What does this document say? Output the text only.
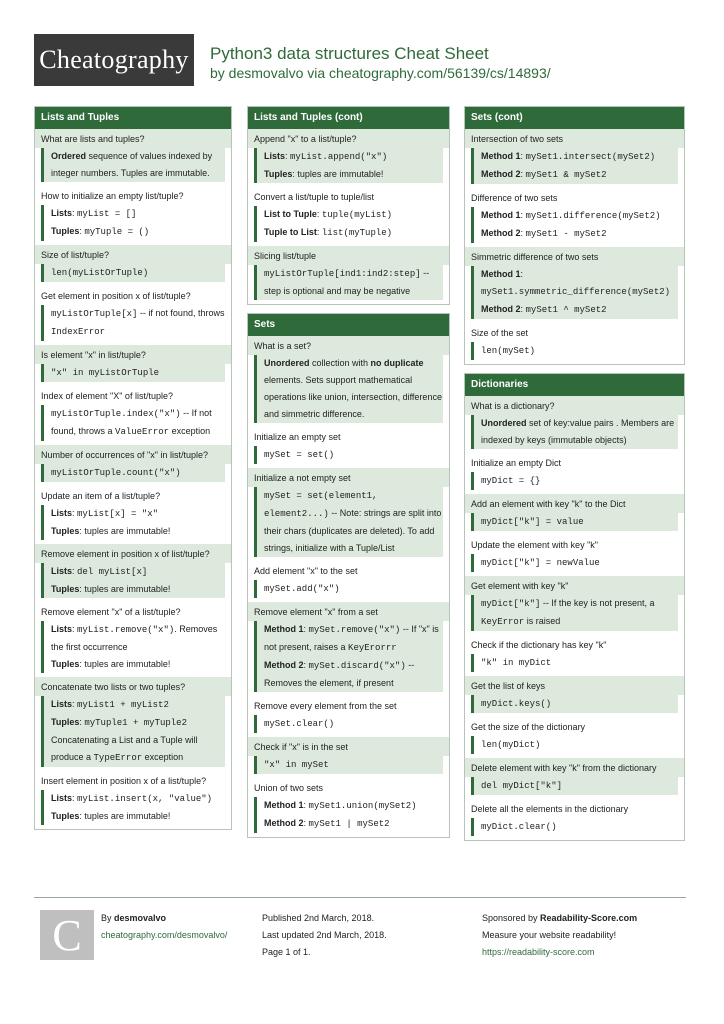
Cheatography	Python3 data structures Cheat Sheet
by desmovalvo via cheatography.com/56139/cs/14893/
Lists and Tuples
What are lists and tuples?
Ordered sequence of values indexed by integer numbers. Tuples are immutable.
How to initialize an empty list/tuple?
Lists: myList = []
Tuples: myTuple = ()
Size of list/tuple?
len(myListOrTuple)
Get element in position x of list/tuple?
myListOrTuple[x] -- if not found, throws IndexError
Is element "x" in list/tuple?
"x" in myListOrTuple
Index of element "X" of list/tuple?
myListOrTuple.index("x") -- If not found, throws a ValueError exception
Number of occurrences of "x" in list/tuple?
myListOrTuple.count("x")
Update an item of a list/tuple?
Lists: myList[x] = "x"
Tuples: tuples are immutable!
Remove element in position x of list/tuple?
Lists: del myList[x]
Tuples: tuples are immutable!
Remove element "x" of a list/tuple?
Lists: myList.remove("x"). Removes the first occurrence
Tuples: tuples are immutable!
Concatenate two lists or two tuples?
Lists: myList1 + myList2
Tuples: myTuple1 + myTuple2
Concatenating a List and a Tuple will produce a TypeError exception
Insert element in position x of a list/tuple?
Lists: myList.insert(x, "value")
Tuples: tuples are immutable!
Lists and Tuples (cont)
Append "x" to a list/tuple?
Lists: myList.append("x")
Tuples: tuples are immutable!
Convert a list/tuple to tuple/list
List to Tuple: tuple(myList)
Tuple to List: list(myTuple)
Slicing list/tuple
myListOrTuple[ind1:ind2:step] -- step is optional and may be negative
Sets
What is a set?
Unordered collection with no duplicate elements. Sets support mathematical operations like union, intersection, difference and simmetric difference.
Initialize an empty set
mySet = set()
Initialize a not empty set
mySet = set(element1, element2...) -- Note: strings are split into their chars (duplicates are deleted). To add strings, initialize with a Tuple/List
Add element "x" to the set
mySet.add("x")
Remove element "x" from a set
Method 1: mySet.remove("x") -- If "x" is not present, raises a KeyErorrr
Method 2: mySet.discard("x") -- Removes the element, if present
Remove every element from the set
mySet.clear()
Check if "x" is in the set
"x" in mySet
Union of two sets
Method 1: mySet1.union(mySet2)
Method 2: mySet1 | mySet2
Sets (cont)
Intersection of two sets
Method 1: mySet1.intersect(mySet2)
Method 2: mySet1 & mySet2
Difference of two sets
Method 1: mySet1.difference(mySet2)
Method 2: mySet1 - mySet2
Simmetric difference of two sets
Method 1: mySet1.symmetric_difference(mySet2)
Method 2: mySet1 ^ mySet2
Size of the set
len(mySet)
Dictionaries
What is a dictionary?
Unordered set of key:value pairs . Members are indexed by keys (immutable objects)
Initialize an empty Dict
myDict = {}
Add an element with key "k" to the Dict
myDict["k"] = value
Update the element with key "k"
myDict["k"] = newValue
Get element with key "k"
myDict["k"] -- If the key is not present, a KeyError is raised
Check if the dictionary has key "k"
"k" in myDict
Get the list of keys
myDict.keys()
Get the size of the dictionary
len(myDict)
Delete element with key "k" from the dictionary
del myDict["k"]
Delete all the elements in the dictionary
myDict.clear()
C	By desmovalvo
cheatography.com/desmovalvo/
Published 2nd March, 2018.
Last updated 2nd March, 2018.
Page 1 of 1.
Sponsored by Readability-Score.com
Measure your website readability!
https://readability-score.com
